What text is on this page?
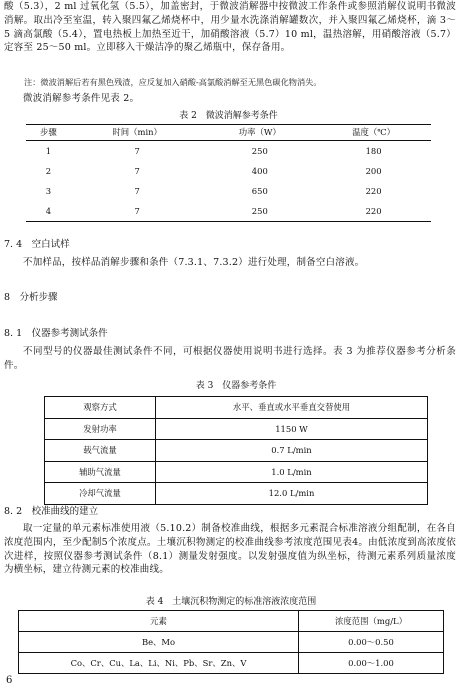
酸（5.3），2 ml 过氧化氢（5.5），加盖密封，于微波消解器中按微波工作条件或参照消解仪说明书微波消解。取出冷至室温，转入聚四氟乙烯烧杯中，用少量水洗涤消解罐数次，并入聚四氟乙烯烧杯，滴 3～5 滴高氯酸（5.4），置电热板上加热至近干，加硝酸溶液（5.7）10 ml，温热溶解，用硝酸溶液（5.7）定容至 25～50 ml。立即移入干燥洁净的聚乙烯瓶中，保存备用。

注：微波消解后若有黑色残渣，应反复加入硝酸-高氯酸消解至无黑色碳化物消失。

微波消解参考条件见表 2。

表 2　微波消解参考条件

步骤	时间（min）	功率（W）	温度（℃）
1	7	250	180
2	7	400	200
3	7	650	220
4	7	250	220

7. 4　空白试样

不加样品，按样品消解步骤和条件（7.3.1、7.3.2）进行处理，制备空白溶液。

8　分析步骤

8. 1　仪器参考测试条件

不同型号的仪器最佳测试条件不同，可根据仪器使用说明书进行选择。表 3 为推荐仪器参考分析条件。

表 3　仪器参考条件

观察方式	水平、垂直或水平垂直交替使用
发射功率	1150 W
载气流量	0.7 L/min
辅助气流量	1.0 L/min
冷却气流量	12.0 L/min

8. 2　校准曲线的建立

取一定量的单元素标准使用液（5.10.2）制备校准曲线，根据多元素混合标准溶液分组配制，在各自浓度范围内，至少配制5个浓度点。土壤沉积物测定的校准曲线参考浓度范围见表4。由低浓度到高浓度依次进样，按照仪器参考测试条件（8.1）测量发射强度。以发射强度值为纵坐标，待测元素系列质量浓度为横坐标，建立待测元素的校准曲线。

表 4　土壤沉积物测定的标准溶液浓度范围

元素	浓度范围（mg/L）
Be、Mo	0.00～0.50
Co、Cr、Cu、La、Li、Ni、Pb、Sr、Zn、V	0.00～1.00

6
